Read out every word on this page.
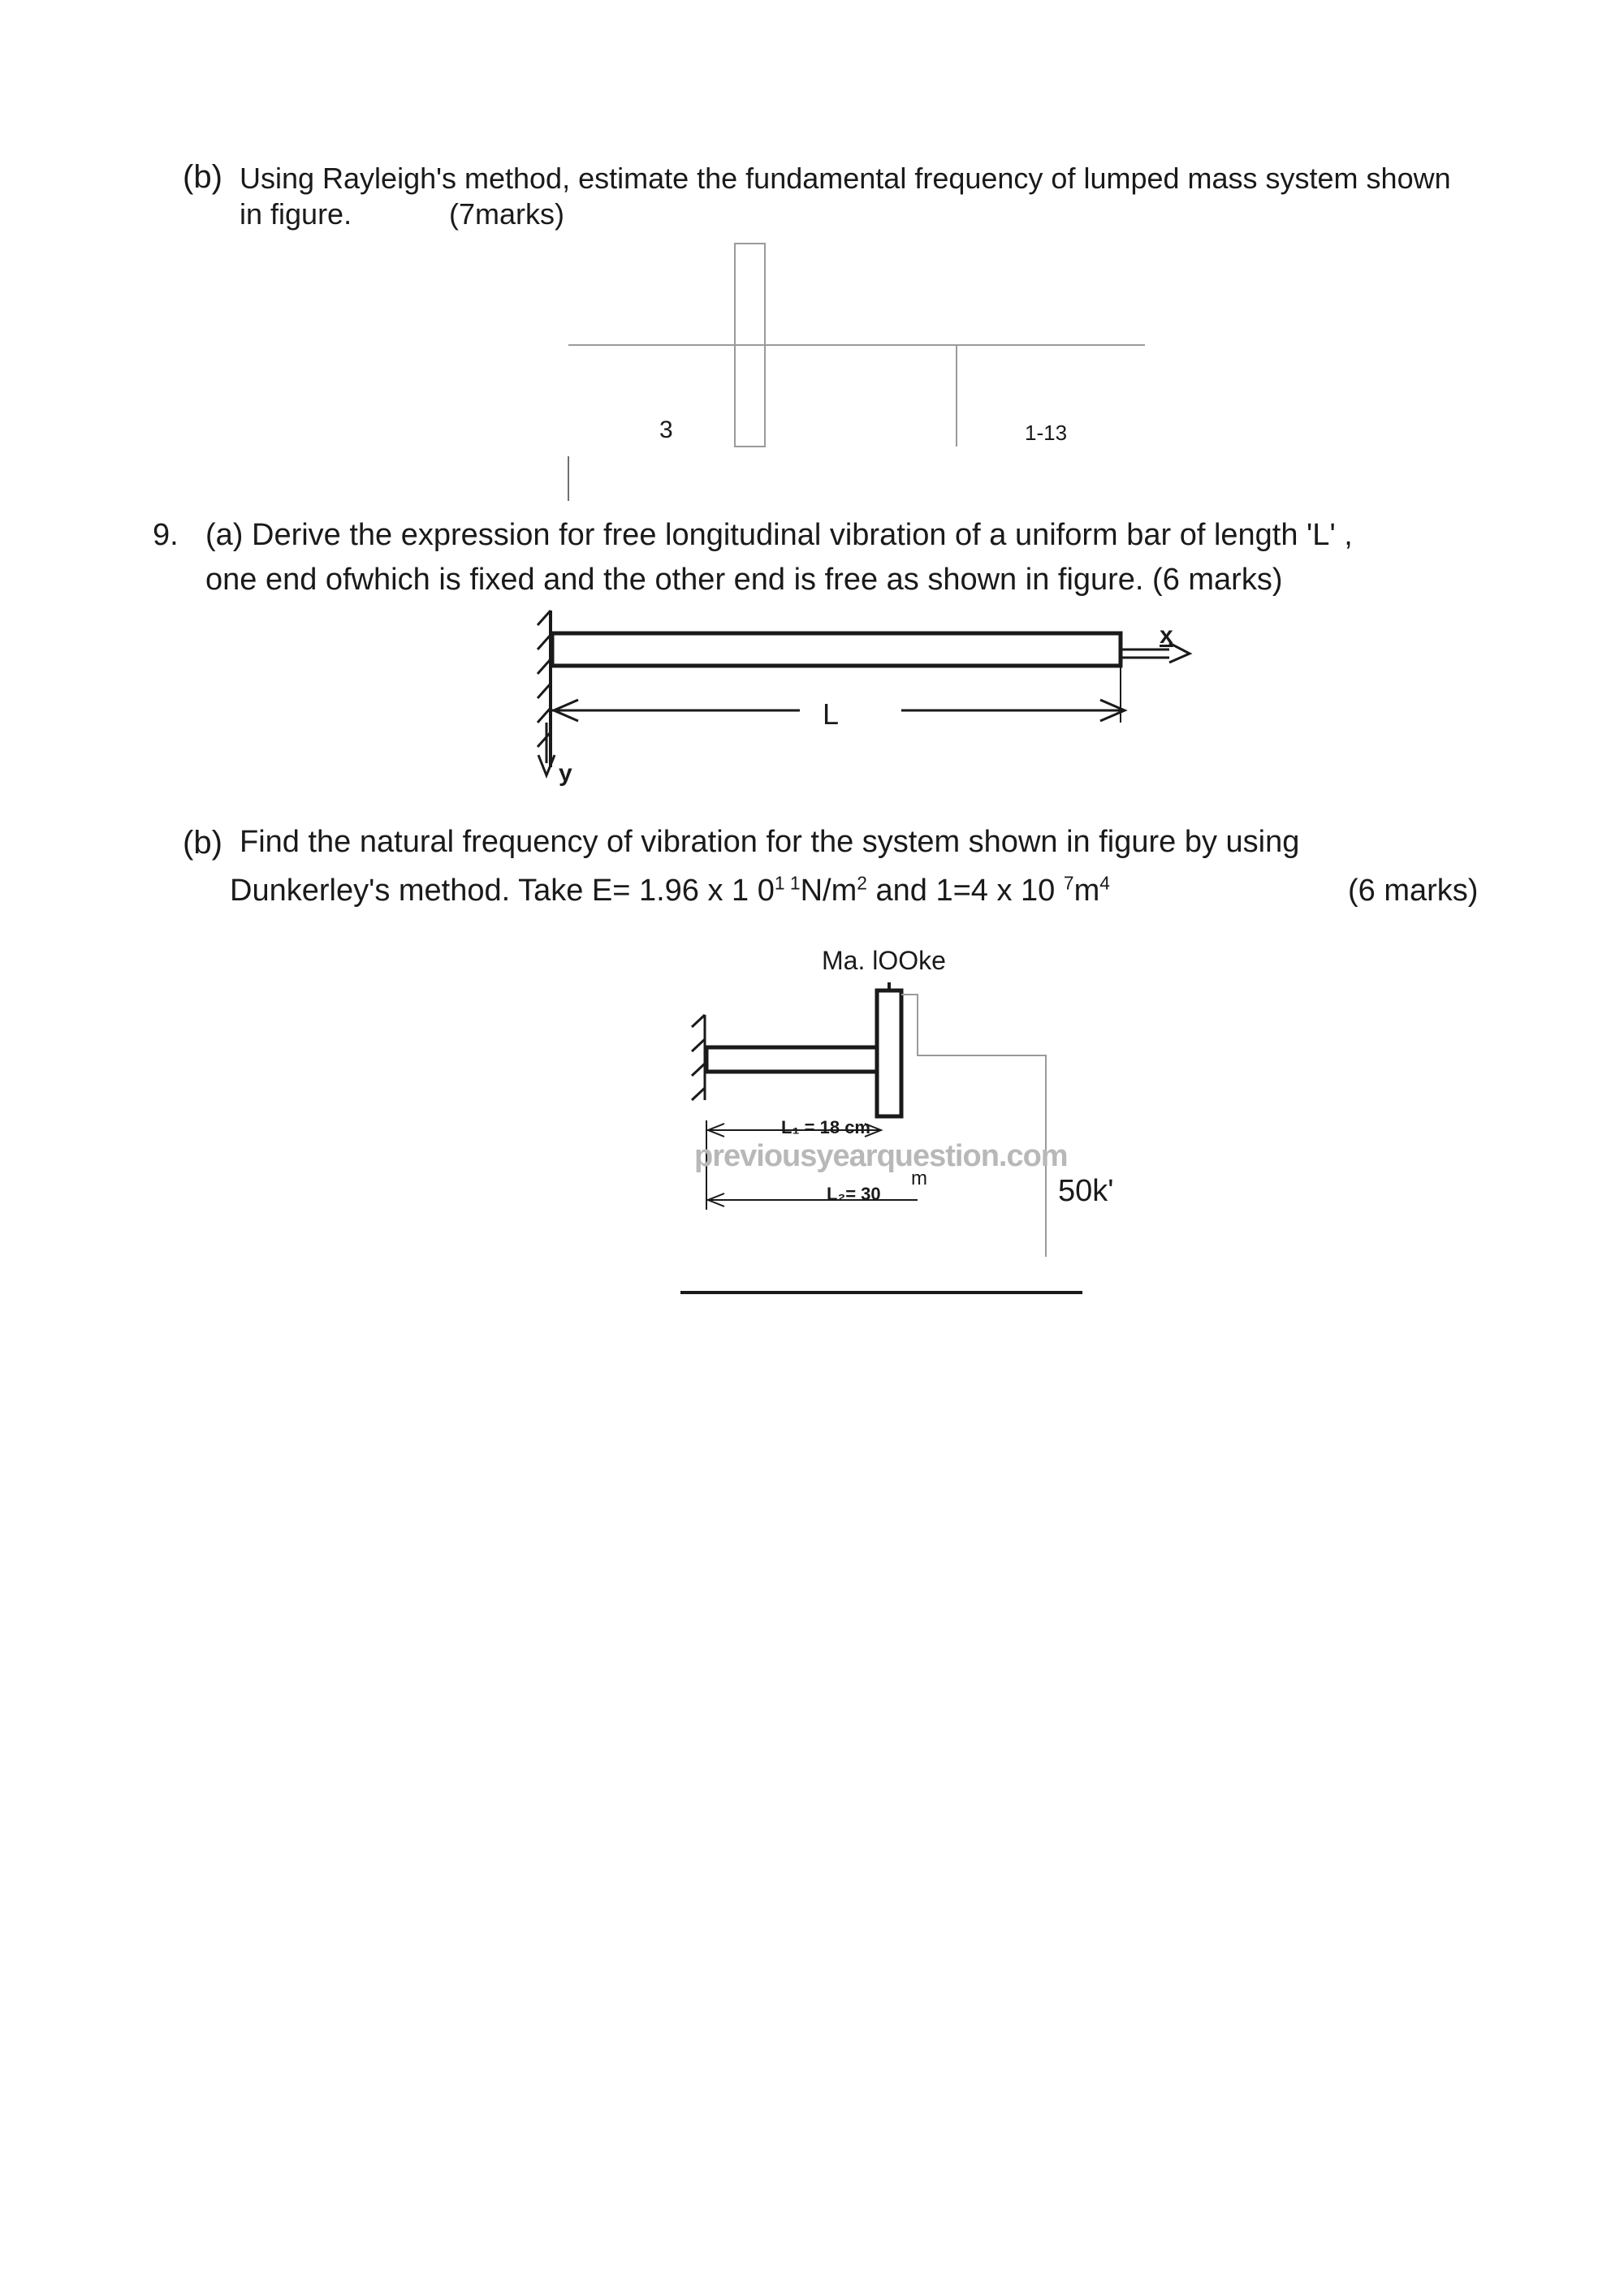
(b) Using Rayleigh's method, estimate the fundamental frequency of lumped mass system shown
in figure.	(7marks)
3	1-13
9. (a) Derive the expression for free longitudinal vibration of a uniform bar of length 'L' ,
one end ofwhich is fixed and the other end is free as shown in figure. (6 marks)
L
x
y
(b) Find the natural frequency of vibration for the system shown in figure by using
Dunkerley's method. Take E= 1.96 x 1 $0^{1 1}N/m^2$ and 1=4 x 10 $^7m^4$	(6 marks)
Ma. lOOke
L₁ = 18 cm
previousyearquestion.com
L₂= 30
m	50k'
